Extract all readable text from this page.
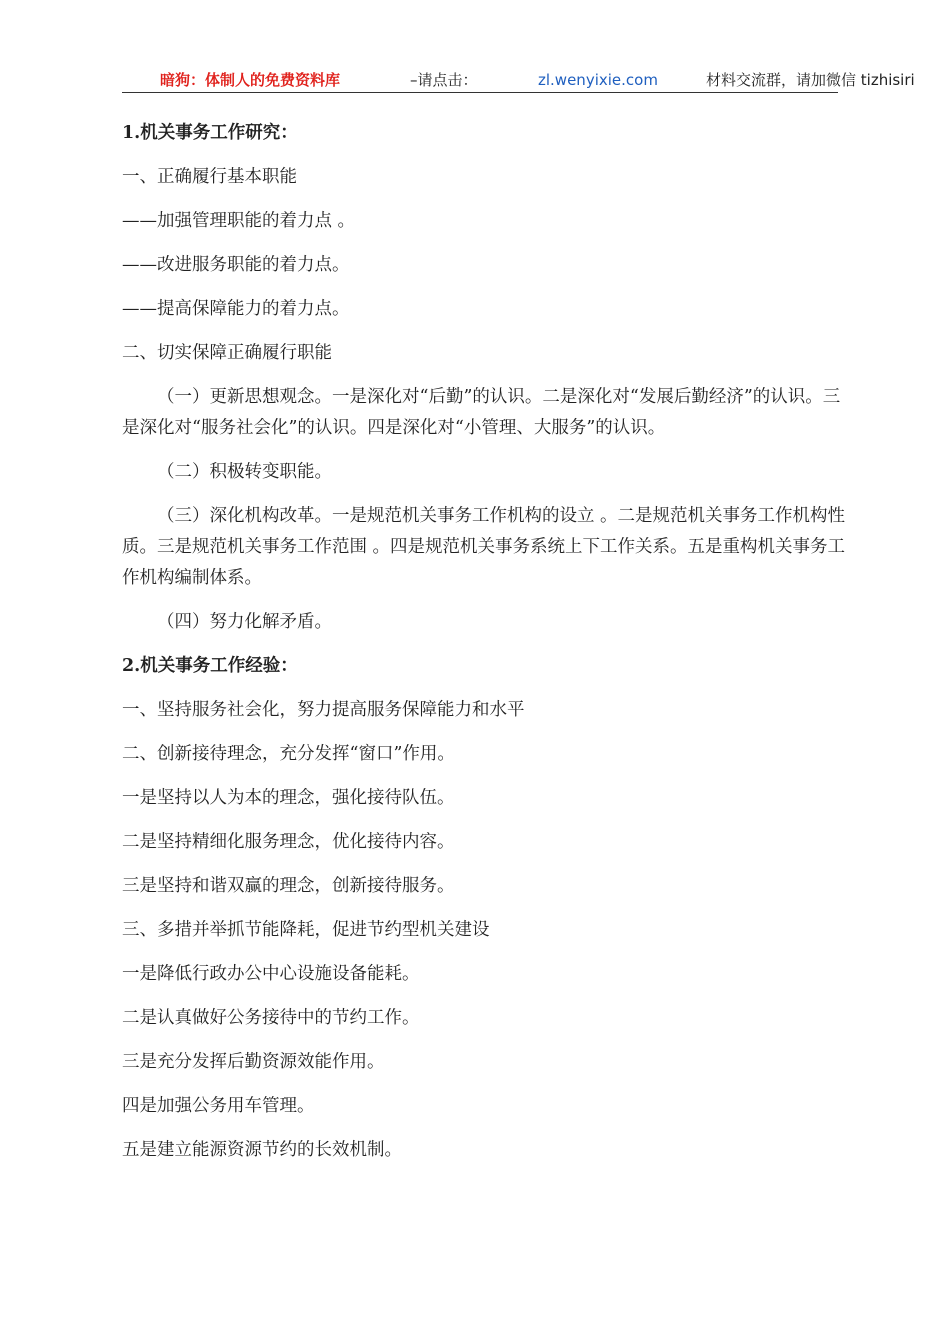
暗狗：体制人的免费资料库	–请点击：	zl.wenyixie.com	材料交流群，请加微信 tizhisiri

1.机关事务工作研究：

一、正确履行基本职能

——加强管理职能的着力点 。

——改进服务职能的着力点。

——提高保障能力的着力点。

二、切实保障正确履行职能

（一）更新思想观念。一是深化对“后勤”的认识。二是深化对“发展后勤经济”的认识。三是深化对“服务社会化”的认识。四是深化对“小管理、大服务”的认识。

（二）积极转变职能。

（三）深化机构改革。一是规范机关事务工作机构的设立 。二是规范机关事务工作机构性质。三是规范机关事务工作范围 。四是规范机关事务系统上下工作关系。五是重构机关事务工作机构编制体系。

（四）努力化解矛盾。

2.机关事务工作经验：

一、坚持服务社会化，努力提高服务保障能力和水平

二、创新接待理念，充分发挥“窗口”作用。

一是坚持以人为本的理念，强化接待队伍。

二是坚持精细化服务理念，优化接待内容。

三是坚持和谐双赢的理念，创新接待服务。

三、多措并举抓节能降耗，促进节约型机关建设

一是降低行政办公中心设施设备能耗。

二是认真做好公务接待中的节约工作。

三是充分发挥后勤资源效能作用。

四是加强公务用车管理。

五是建立能源资源节约的长效机制。
